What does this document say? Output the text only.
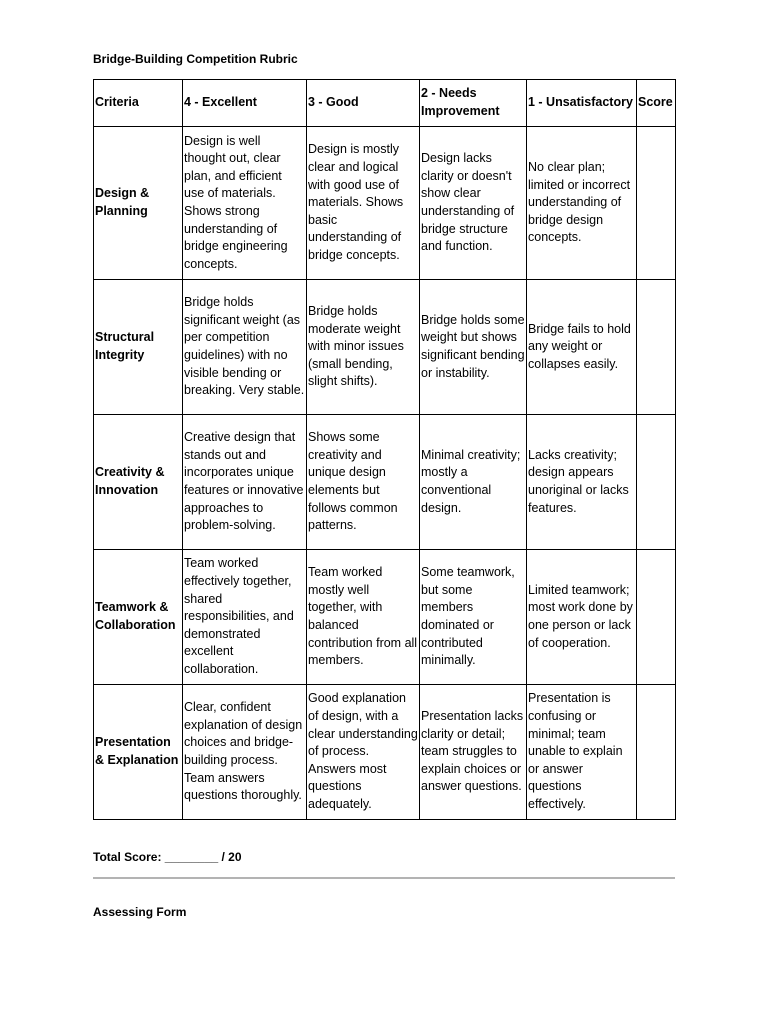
Bridge-Building Competition Rubric
Criteria	4 - Excellent	3 - Good	2 - Needs Improvement	1 - Unsatisfactory	Score
Design & Planning	Design is well thought out, clear plan, and efficient use of materials. Shows strong understanding of bridge engineering concepts.	Design is mostly clear and logical with good use of materials. Shows basic understanding of bridge concepts.	Design lacks clarity or doesn't show clear understanding of bridge structure and function.	No clear plan; limited or incorrect understanding of bridge design concepts.	
Structural Integrity	Bridge holds significant weight (as per competition guidelines) with no visible bending or breaking. Very stable.	Bridge holds moderate weight with minor issues (small bending, slight shifts).	Bridge holds some weight but shows significant bending or instability.	Bridge fails to hold any weight or collapses easily.	
Creativity & Innovation	Creative design that stands out and incorporates unique features or innovative approaches to problem-solving.	Shows some creativity and unique design elements but follows common patterns.	Minimal creativity; mostly a conventional design.	Lacks creativity; design appears unoriginal or lacks features.	
Teamwork & Collaboration	Team worked effectively together, shared responsibilities, and demonstrated excellent collaboration.	Team worked mostly well together, with balanced contribution from all members.	Some teamwork, but some members dominated or contributed minimally.	Limited teamwork; most work done by one person or lack of cooperation.	
Presentation & Explanation	Clear, confident explanation of design choices and bridge-building process. Team answers questions thoroughly.	Good explanation of design, with a clear understanding of process. Answers most questions adequately.	Presentation lacks clarity or detail; team struggles to explain choices or answer questions.	Presentation is confusing or minimal; team unable to explain or answer questions effectively.	
Total Score: ________ / 20
Assessing Form
